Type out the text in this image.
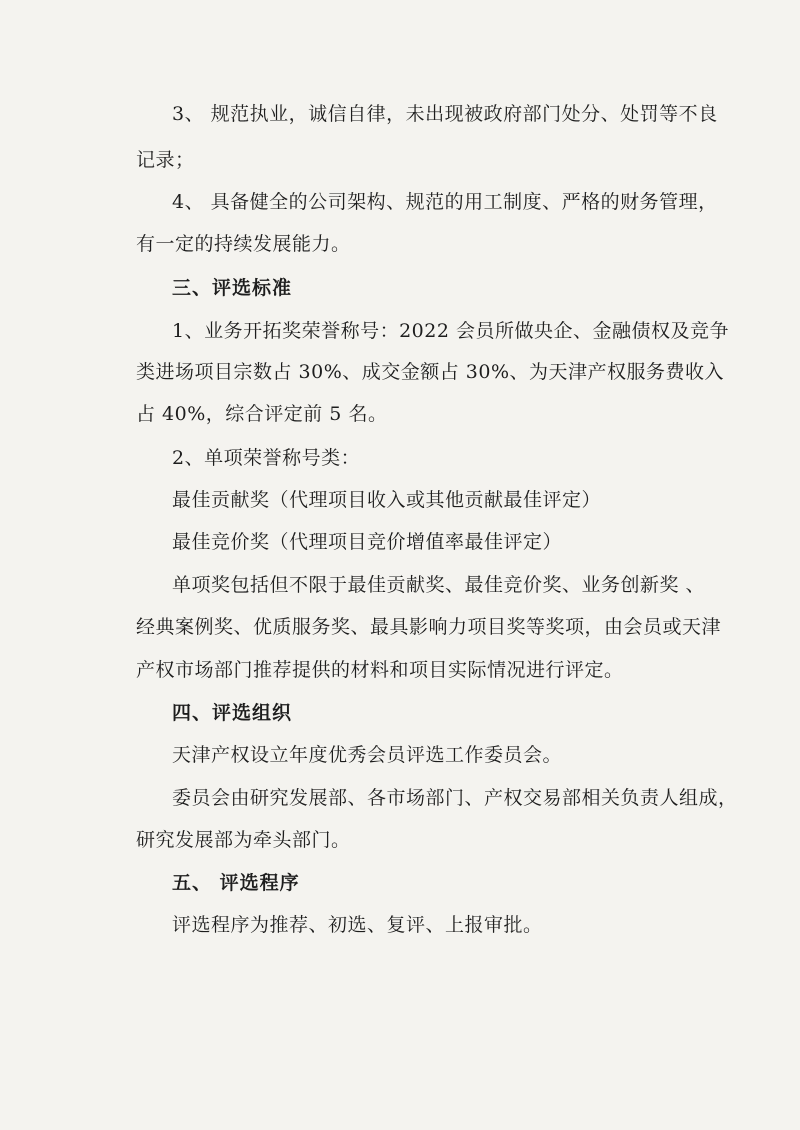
3、 规范执业，诚信自律，未出现被政府部门处分、处罚等不良
记录；
4、 具备健全的公司架构、规范的用工制度、严格的财务管理，
有一定的持续发展能力。
三、评选标准
1、业务开拓奖荣誉称号：2022 会员所做央企、金融债权及竞争
类进场项目宗数占 30%、成交金额占 30%、为天津产权服务费收入
占 40%，综合评定前 5 名。
2、单项荣誉称号类：
最佳贡献奖（代理项目收入或其他贡献最佳评定）
最佳竞价奖（代理项目竞价增值率最佳评定）
单项奖包括但不限于最佳贡献奖、最佳竞价奖、业务创新奖 、
经典案例奖、优质服务奖、最具影响力项目奖等奖项，由会员或天津
产权市场部门推荐提供的材料和项目实际情况进行评定。
四、评选组织
天津产权设立年度优秀会员评选工作委员会。
委员会由研究发展部、各市场部门、产权交易部相关负责人组成，
研究发展部为牵头部门。
五、 评选程序
评选程序为推荐、初选、复评、上报审批。
